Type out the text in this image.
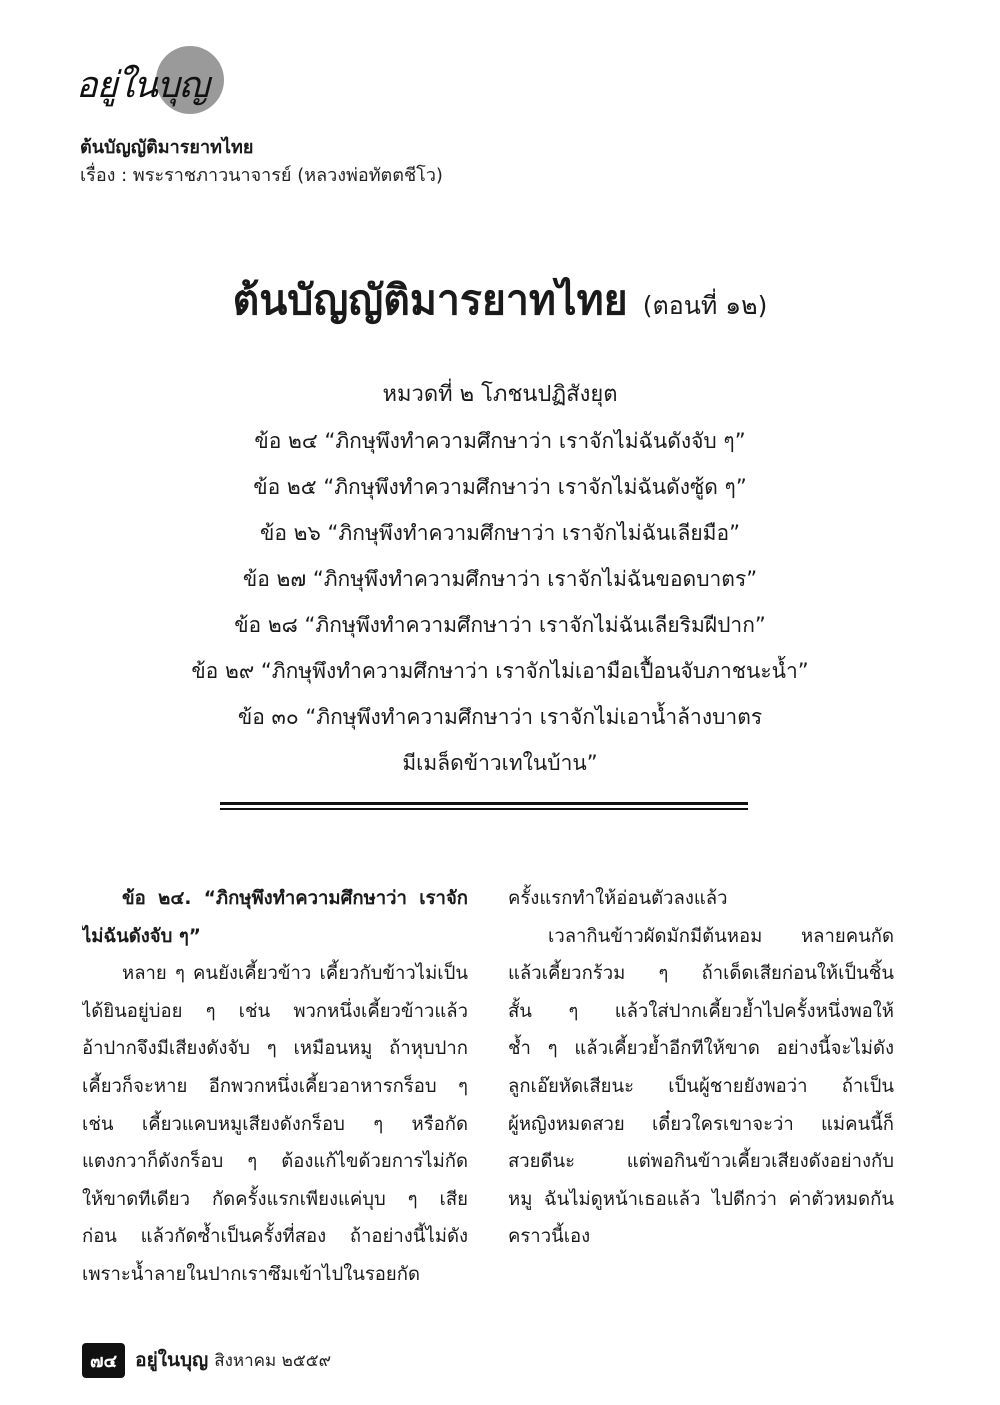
อยู่ในบุญ
ต้นบัญญัติมารยาทไทย
เรื่อง : พระราชภาวนาจารย์ (หลวงพ่อทัตตชีโว)
ต้นบัญญัติมารยาทไทย (ตอนที่ ๑๒)
หมวดที่ ๒ โภชนปฏิสังยุต
ข้อ ๒๔ “ภิกษุพึงทำความศึกษาว่า เราจักไม่ฉันดังจับ ๆ”
ข้อ ๒๕ “ภิกษุพึงทำความศึกษาว่า เราจักไม่ฉันดังซู้ด ๆ”
ข้อ ๒๖ “ภิกษุพึงทำความศึกษาว่า เราจักไม่ฉันเลียมือ”
ข้อ ๒๗ “ภิกษุพึงทำความศึกษาว่า เราจักไม่ฉันขอดบาตร”
ข้อ ๒๘ “ภิกษุพึงทำความศึกษาว่า เราจักไม่ฉันเลียริมฝีปาก”
ข้อ ๒๙ “ภิกษุพึงทำความศึกษาว่า เราจักไม่เอามือเปื้อนจับภาชนะน้ำ”
ข้อ ๓๐ “ภิกษุพึงทำความศึกษาว่า เราจักไม่เอาน้ำล้างบาตร
มีเมล็ดข้าวเทในบ้าน”
ข้อ ๒๔. “ภิกษุพึงทำความศึกษาว่า เราจัก
ไม่ฉันดังจับ ๆ”
หลาย ๆ คนยังเคี้ยวข้าว เคี้ยวกับข้าวไม่เป็น
ได้ยินอยู่บ่อย ๆ เช่น พวกหนึ่งเคี้ยวข้าวแล้ว
อ้าปากจึงมีเสียงดังจับ ๆ เหมือนหมู ถ้าหุบปาก
เคี้ยวก็จะหาย อีกพวกหนึ่งเคี้ยวอาหารกร็อบ ๆ
เช่น เคี้ยวแคบหมูเสียงดังกร็อบ ๆ หรือกัด
แตงกวาก็ดังกร็อบ ๆ ต้องแก้ไขด้วยการไม่กัด
ให้ขาดทีเดียว กัดครั้งแรกเพียงแค่บุบ ๆ เสีย
ก่อน แล้วกัดซ้ำเป็นครั้งที่สอง ถ้าอย่างนี้ไม่ดัง
เพราะน้ำลายในปากเราซึมเข้าไปในรอยกัด
ครั้งแรกทำให้อ่อนตัวลงแล้ว
เวลากินข้าวผัดมักมีต้นหอม หลายคนกัด
แล้วเคี้ยวกร้วม ๆ ถ้าเด็ดเสียก่อนให้เป็นชิ้น
สั้น ๆ แล้วใส่ปากเคี้ยวย้ำไปครั้งหนึ่งพอให้
ช้ำ ๆ แล้วเคี้ยวย้ำอีกทีให้ขาด อย่างนี้จะไม่ดัง
ลูกเอ๊ยหัดเสียนะ เป็นผู้ชายยังพอว่า ถ้าเป็น
ผู้หญิงหมดสวย เดี๋ยวใครเขาจะว่า แม่คนนี้ก็
สวยดีนะ แต่พอกินข้าวเคี้ยวเสียงดังอย่างกับ
หมู ฉันไม่ดูหน้าเธอแล้ว ไปดีกว่า ค่าตัวหมดกัน
คราวนี้เอง
๗๔ อยู่ในบุญ สิงหาคม ๒๕๕๙
